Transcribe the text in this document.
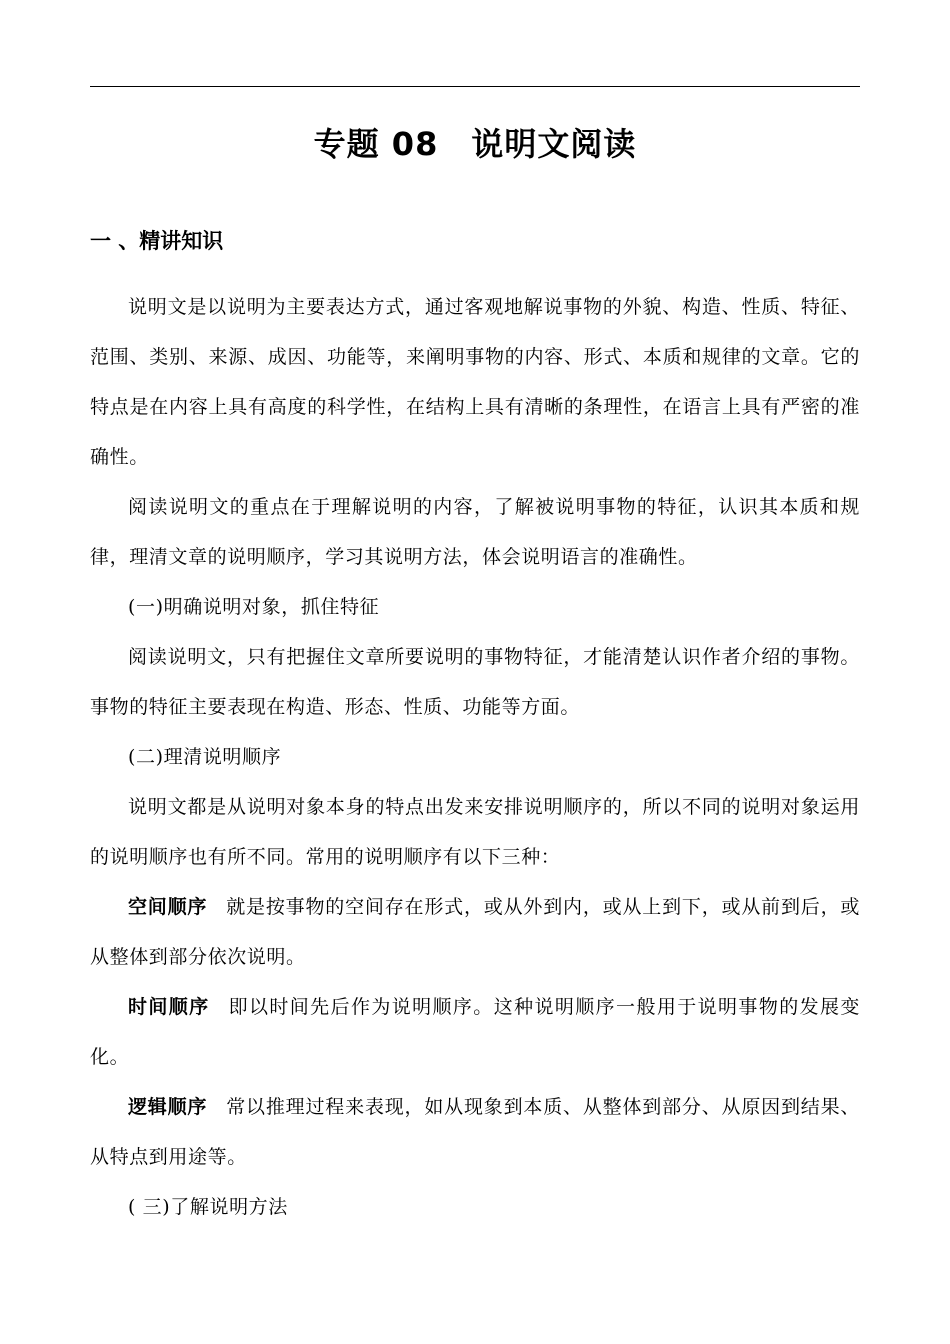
专题 08　说明文阅读
一 、精讲知识

说明文是以说明为主要表达方式，通过客观地解说事物的外貌、构造、性质、特征、范围、类别、来源、成因、功能等，来阐明事物的内容、形式、本质和规律的文章。它的特点是在内容上具有高度的科学性，在结构上具有清晰的条理性，在语言上具有严密的准确性。

阅读说明文的重点在于理解说明的内容，了解被说明事物的特征，认识其本质和规律，理清文章的说明顺序，学习其说明方法，体会说明语言的准确性。

(一)明确说明对象，抓住特征

阅读说明文，只有把握住文章所要说明的事物特征，才能清楚认识作者介绍的事物。事物的特征主要表现在构造、形态、性质、功能等方面。

(二)理清说明顺序

说明文都是从说明对象本身的特点出发来安排说明顺序的，所以不同的说明对象运用的说明顺序也有所不同。常用的说明顺序有以下三种：

空间顺序 就是按事物的空间存在形式，或从外到内，或从上到下，或从前到后，或从整体到部分依次说明。

时间顺序 即以时间先后作为说明顺序。这种说明顺序一般用于说明事物的发展变化。

逻辑顺序 常以推理过程来表现，如从现象到本质、从整体到部分、从原因到结果、从特点到用途等。

( 三)了解说明方法
